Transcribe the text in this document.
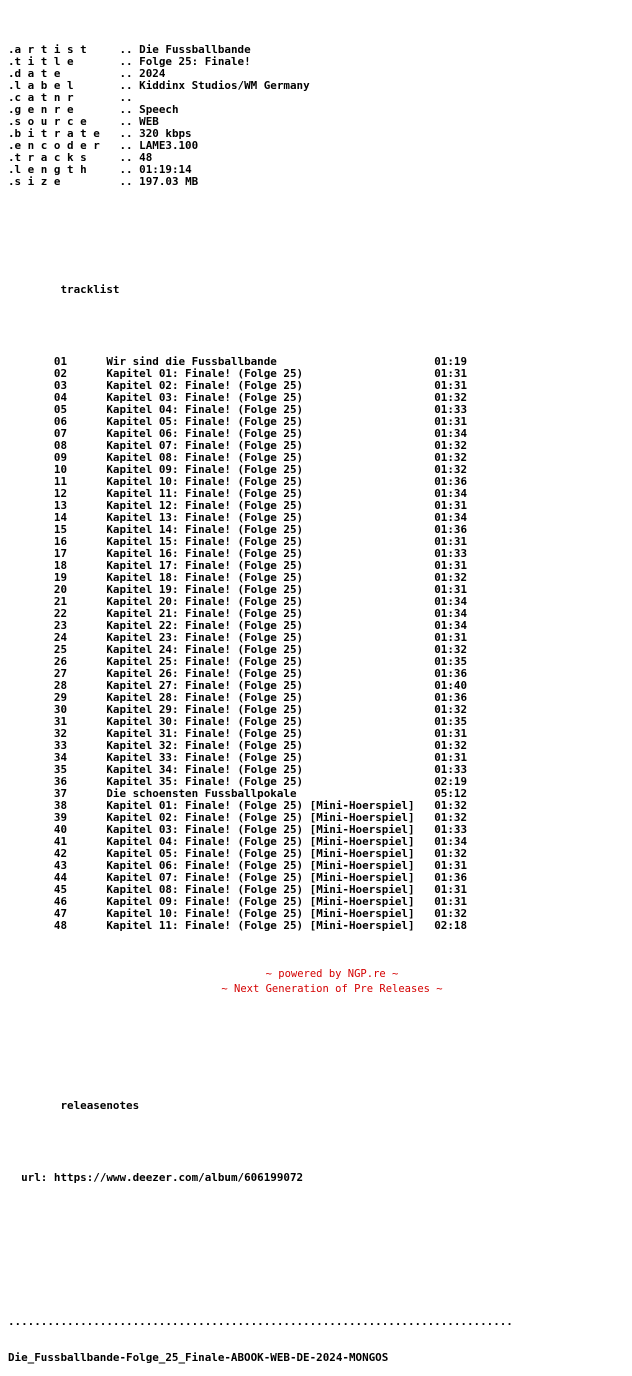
.a r t i s t	.. Die Fussballbande
.t i t l e	.. Folge 25: Finale!
.d a t e	.. 2024
.l a b e l	.. Kiddinx Studios/WM Germany
.c a t n r	..
.g e n r e	.. Speech
.s o u r c e	.. WEB
.b i t r a t e .. 320 kbps
.e n c o d e r .. LAME3.100
.t r a c k s	.. 48
.l e n g t h	.. 01:19:14
.s i z e	.. 197.03 MB

tracklist

01	Wir sind die Fussballbande	01:19
02	Kapitel 01: Finale! (Folge 25)	01:31
03	Kapitel 02: Finale! (Folge 25)	01:31
04	Kapitel 03: Finale! (Folge 25)	01:32
05	Kapitel 04: Finale! (Folge 25)	01:33
06	Kapitel 05: Finale! (Folge 25)	01:31
07	Kapitel 06: Finale! (Folge 25)	01:34
08	Kapitel 07: Finale! (Folge 25)	01:32
09	Kapitel 08: Finale! (Folge 25)	01:32
10	Kapitel 09: Finale! (Folge 25)	01:32
11	Kapitel 10: Finale! (Folge 25)	01:36
12	Kapitel 11: Finale! (Folge 25)	01:34
13	Kapitel 12: Finale! (Folge 25)	01:31
14	Kapitel 13: Finale! (Folge 25)	01:34
15	Kapitel 14: Finale! (Folge 25)	01:36
16	Kapitel 15: Finale! (Folge 25)	01:31
17	Kapitel 16: Finale! (Folge 25)	01:33
18	Kapitel 17: Finale! (Folge 25)	01:31
19	Kapitel 18: Finale! (Folge 25)	01:32
20	Kapitel 19: Finale! (Folge 25)	01:31
21	Kapitel 20: Finale! (Folge 25)	01:34
22	Kapitel 21: Finale! (Folge 25)	01:34
23	Kapitel 22: Finale! (Folge 25)	01:34
24	Kapitel 23: Finale! (Folge 25)	01:31
25	Kapitel 24: Finale! (Folge 25)	01:32
26	Kapitel 25: Finale! (Folge 25)	01:35
27	Kapitel 26: Finale! (Folge 25)	01:36
28	Kapitel 27: Finale! (Folge 25)	01:40
29	Kapitel 28: Finale! (Folge 25)	01:36
30	Kapitel 29: Finale! (Folge 25)	01:32
31	Kapitel 30: Finale! (Folge 25)	01:35
32	Kapitel 31: Finale! (Folge 25)	01:31
33	Kapitel 32: Finale! (Folge 25)	01:32
34	Kapitel 33: Finale! (Folge 25)	01:31
35	Kapitel 34: Finale! (Folge 25)	01:33
36	Kapitel 35: Finale! (Folge 25)	02:19
37	Die schoensten Fussballpokale	05:12
38	Kapitel 01: Finale! (Folge 25) [Mini-Hoerspiel] 01:32
39	Kapitel 02: Finale! (Folge 25) [Mini-Hoerspiel] 01:32
40	Kapitel 03: Finale! (Folge 25) [Mini-Hoerspiel] 01:33
41	Kapitel 04: Finale! (Folge 25) [Mini-Hoerspiel] 01:34
42	Kapitel 05: Finale! (Folge 25) [Mini-Hoerspiel] 01:32
43	Kapitel 06: Finale! (Folge 25) [Mini-Hoerspiel] 01:31
44	Kapitel 07: Finale! (Folge 25) [Mini-Hoerspiel] 01:36
45	Kapitel 08: Finale! (Folge 25) [Mini-Hoerspiel] 01:31
46	Kapitel 09: Finale! (Folge 25) [Mini-Hoerspiel] 01:31
47	Kapitel 10: Finale! (Folge 25) [Mini-Hoerspiel] 01:32
48	Kapitel 11: Finale! (Folge 25) [Mini-Hoerspiel] 02:18

releasenotes

url: https://www.deezer.com/album/606199072

.............................................................................

Die_Fussballbande-Folge_25_Finale-ABOOK-WEB-DE-2024-MONGOS

~ powered by NGP.re ~
~ Next Generation of Pre Releases ~
